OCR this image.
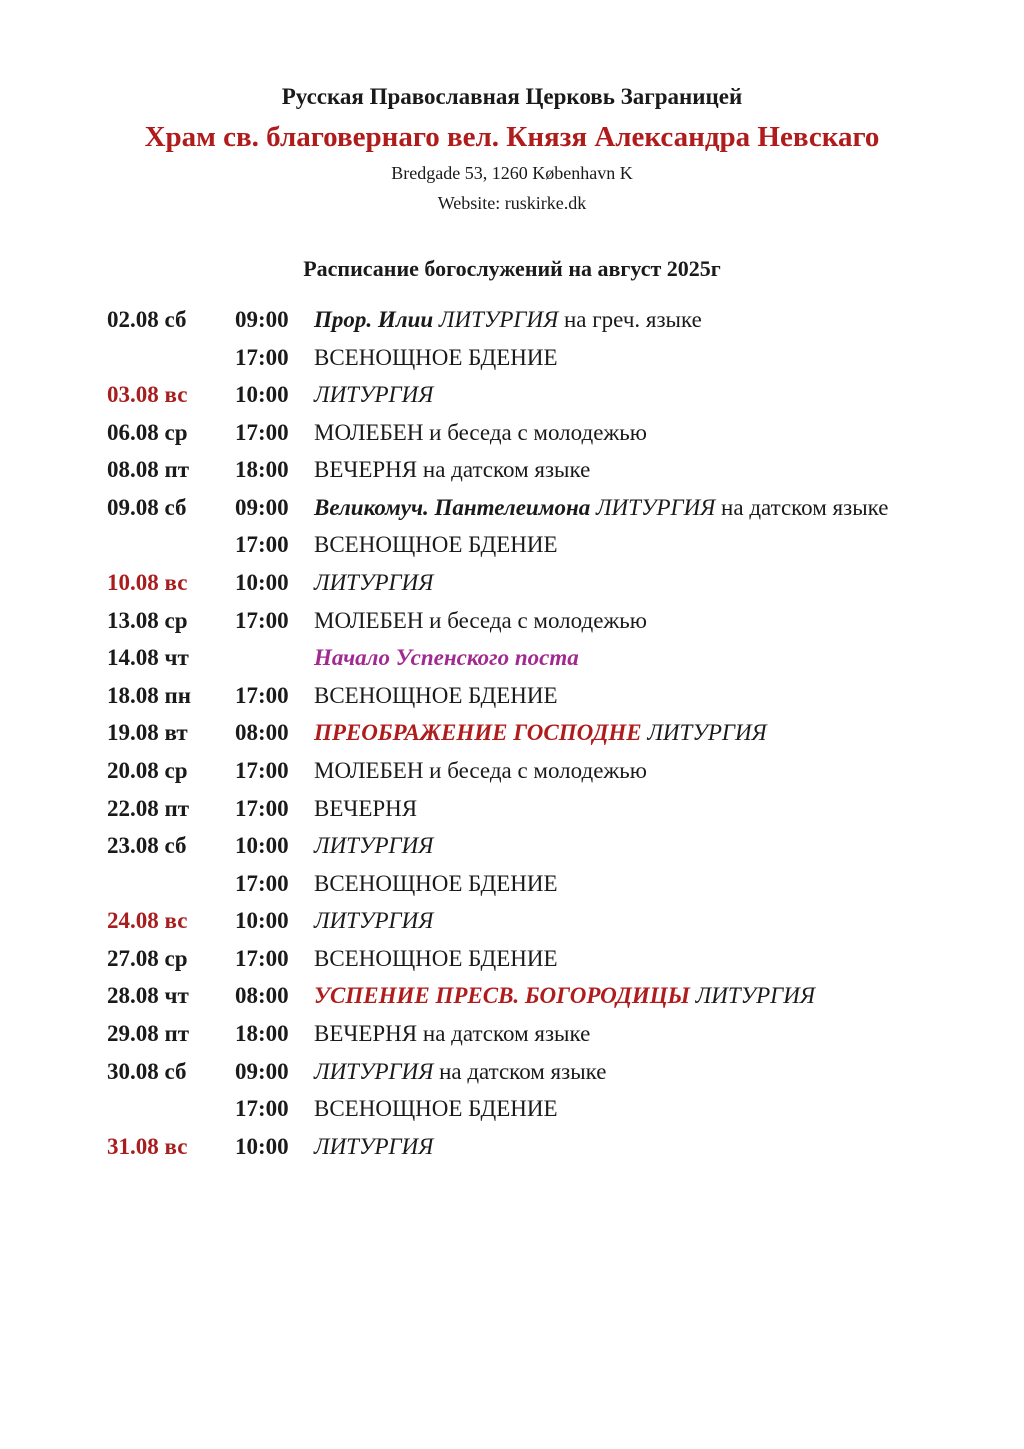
Русская Православная Церковь Заграницей
Храм св. благовернаго вел. Князя Александра Невскаго
Bredgade 53, 1260 København K
Website: ruskirke.dk
Расписание богослужений на август 2025г
02.08 сб 09:00 Прор. Илии ЛИТУРГИЯ на греч. языке
17:00 ВСЕНОЩНОЕ БДЕНИЕ
03.08 вс 10:00 ЛИТУРГИЯ
06.08 ср 17:00 МОЛЕБЕН и беседа с молодежью
08.08 пт 18:00 ВЕЧЕРНЯ на датском языке
09.08 сб 09:00 Великомуч. Пантелеимона ЛИТУРГИЯ на датском языке
17:00 ВСЕНОЩНОЕ БДЕНИЕ
10.08 вс 10:00 ЛИТУРГИЯ
13.08 ср 17:00 МОЛЕБЕН и беседа с молодежью
14.08 чт	Начало Успенского поста
18.08 пн 17:00 ВСЕНОЩНОЕ БДЕНИЕ
19.08 вт 08:00 ПРЕОБРАЖЕНИЕ ГОСПОДНЕ ЛИТУРГИЯ
20.08 ср 17:00 МОЛЕБЕН и беседа с молодежью
22.08 пт 17:00 ВЕЧЕРНЯ
23.08 сб 10:00 ЛИТУРГИЯ
17:00 ВСЕНОЩНОЕ БДЕНИЕ
24.08 вс 10:00 ЛИТУРГИЯ
27.08 ср 17:00 ВСЕНОЩНОЕ БДЕНИЕ
28.08 чт 08:00 УСПЕНИЕ ПРЕСВ. БОГОРОДИЦЫ ЛИТУРГИЯ
29.08 пт 18:00 ВЕЧЕРНЯ на датском языке
30.08 сб 09:00 ЛИТУРГИЯ на датском языке
17:00 ВСЕНОЩНОЕ БДЕНИЕ
31.08 вс 10:00 ЛИТУРГИЯ
